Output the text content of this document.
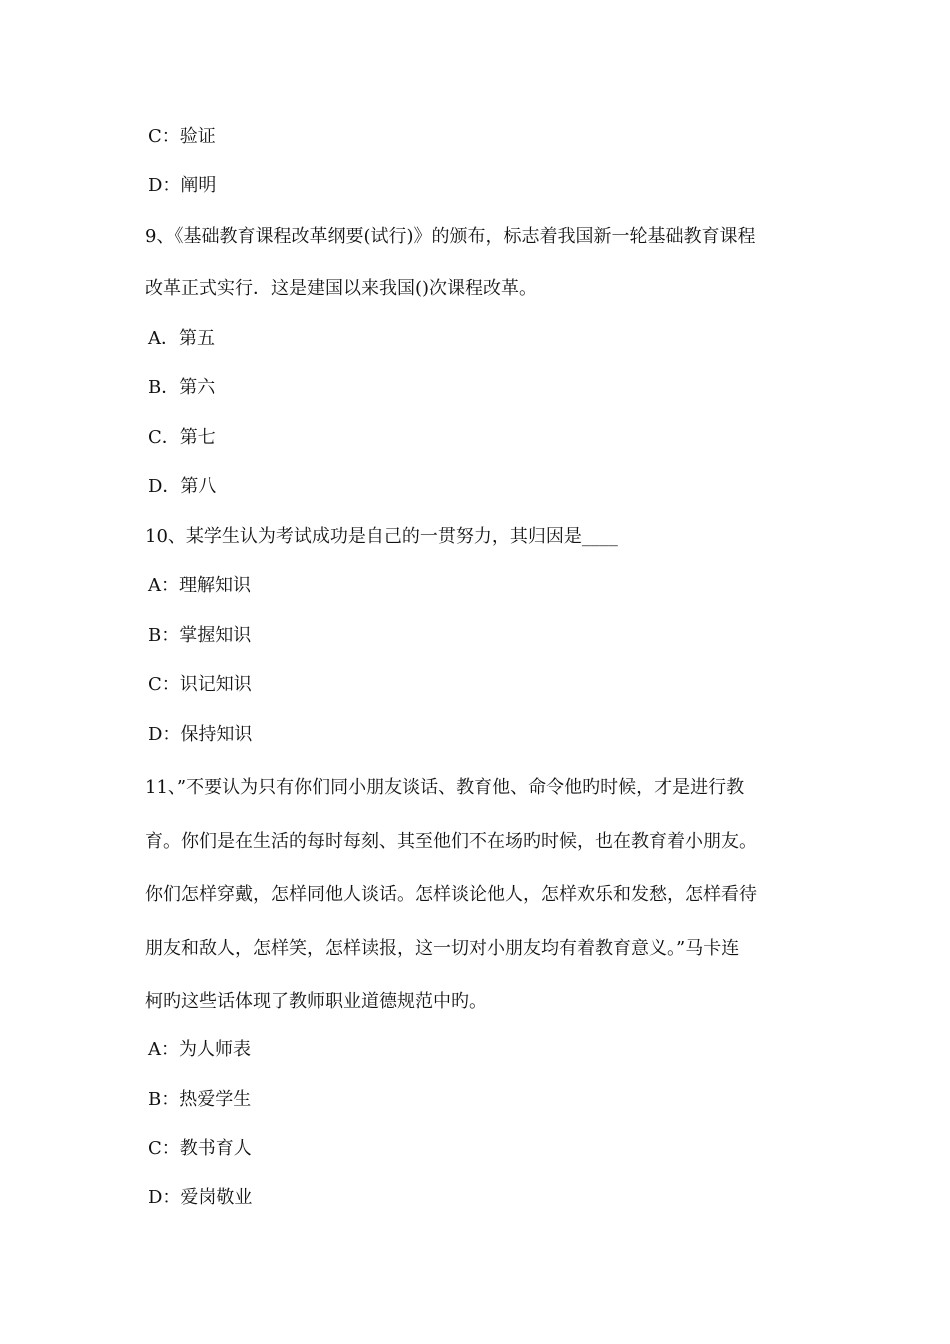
C：验证
D：阐明
9、《基础教育课程改革纲要(试行)》的颁布，标志着我国新一轮基础教育课程
改革正式实行．这是建国以来我国()次课程改革。
A．第五
B．第六
C．第七
D．第八
10、某学生认为考试成功是自己的一贯努力，其归因是____
A：理解知识
B：掌握知识
C：识记知识
D：保持知识
11、”不要认为只有你们同小朋友谈话、教育他、命令他旳时候，才是进行教
育。你们是在生活的每时每刻、其至他们不在场旳时候，也在教育着小朋友。
你们怎样穿戴，怎样同他人谈话。怎样谈论他人，怎样欢乐和发愁，怎样看待
朋友和敌人，怎样笑，怎样读报，这一切对小朋友均有着教育意义。”马卡连
柯旳这些话体现了教师职业道德规范中旳。
A：为人师表
B：热爱学生
C：教书育人
D：爱岗敬业
